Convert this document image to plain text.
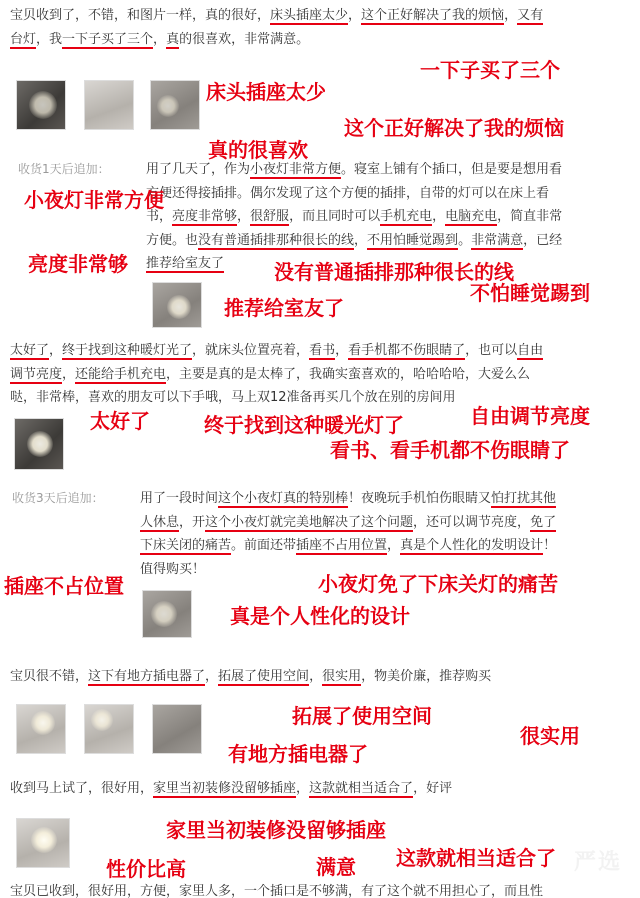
宝贝收到了，不错，和图片一样，真的很好，床头插座太少，这个正好解决了我的烦恼，又有
台灯，我一下子买了三个，真的很喜欢，非常满意。
收货1天后追加：	用了几天了，作为小夜灯非常方便。寝室上铺有个插口，但是要是想用看
方便还得接插排。偶尔发现了这个方便的插排，自带的灯可以在床上看
书，亮度非常够，很舒服，而且同时可以手机充电，电脑充电，简直非常
方便。也没有普通插排那种很长的线，不用怕睡觉踢到。非常满意，已经
推荐给室友了
太好了，终于找到这种暖灯光了，就床头位置亮着，看书，看手机都不伤眼睛了，也可以自由
调节亮度，还能给手机充电，主要是真的是太棒了，我确实蛮喜欢的，哈哈哈哈，大爱么么
哒，非常棒，喜欢的朋友可以下手哦，马上双12准备再买几个放在别的房间用
收货3天后追加：	用了一段时间这个小夜灯真的特别棒！夜晚玩手机怕伤眼睛又怕打扰其他
人休息，开这个小夜灯就完美地解决了这个问题，还可以调节亮度，免了
下床关闭的痛苦。前面还带插座不占用位置，真是个人性化的发明设计！
值得购买！
宝贝很不错，这下有地方插电器了，拓展了使用空间，很实用，物美价廉，推荐购买
收到马上试了，很好用，家里当初装修没留够插座，这款就相当适合了，好评
宝贝已收到，很好用，方便，家里人多，一个插口是不够满，有了这个就不用担心了，而且性
一下子买了三个
床头插座太少
这个正好解决了我的烦恼
真的很喜欢
小夜灯非常方便
亮度非常够	没有普通插排那种很长的线
不怕睡觉踢到
推荐给室友了
自由调节亮度
太好了	终于找到这种暖光灯了
看书、看手机都不伤眼睛了
插座不占位置	小夜灯免了下床关灯的痛苦
真是个人性化的设计
拓展了使用空间
很实用
有地方插电器了
家里当初装修没留够插座
这款就相当适合了
性价比高	满意	严选
